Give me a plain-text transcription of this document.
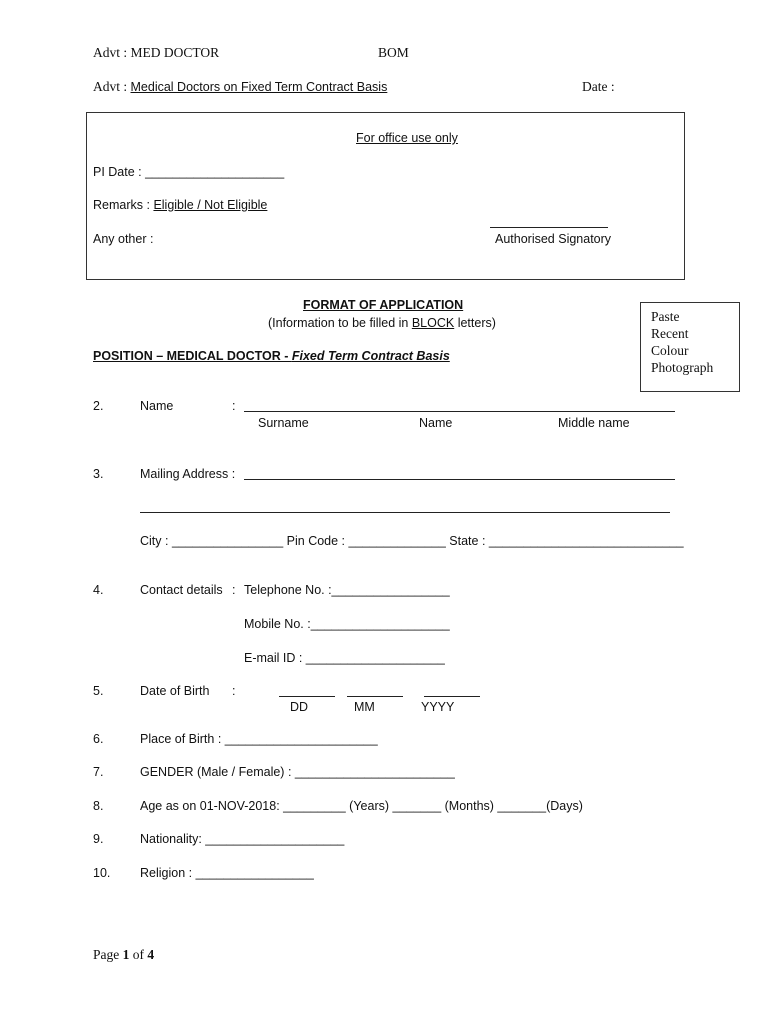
Advt : MED DOCTOR	BOM
Advt : Medical Doctors on Fixed Term Contract Basis	Date :
For office use only
PI Date : ____________________
Remarks : Eligible / Not Eligible
Any other :	Authorised Signatory
FORMAT OF APPLICATION
(Information to be filled in BLOCK letters)	Paste
Recent
Colour
Photograph
POSITION – MEDICAL DOCTOR - Fixed Term Contract Basis
2.	Name	:
Surname	Name	Middle name
3.	Mailing Address :
City : ________________ Pin Code : ______________ State : ____________________________
4.	Contact details : Telephone No. :_________________
Mobile No. :____________________
E-mail ID : ____________________
5.	Date of Birth :
DD	MM	YYYY
6.	Place of Birth : ______________________
7.	GENDER (Male / Female) : _______________________
8.	Age as on 01-NOV-2018: _________ (Years) _______ (Months) _______(Days)
9.	Nationality: ____________________
10. Religion : _________________
Page 1 of 4
